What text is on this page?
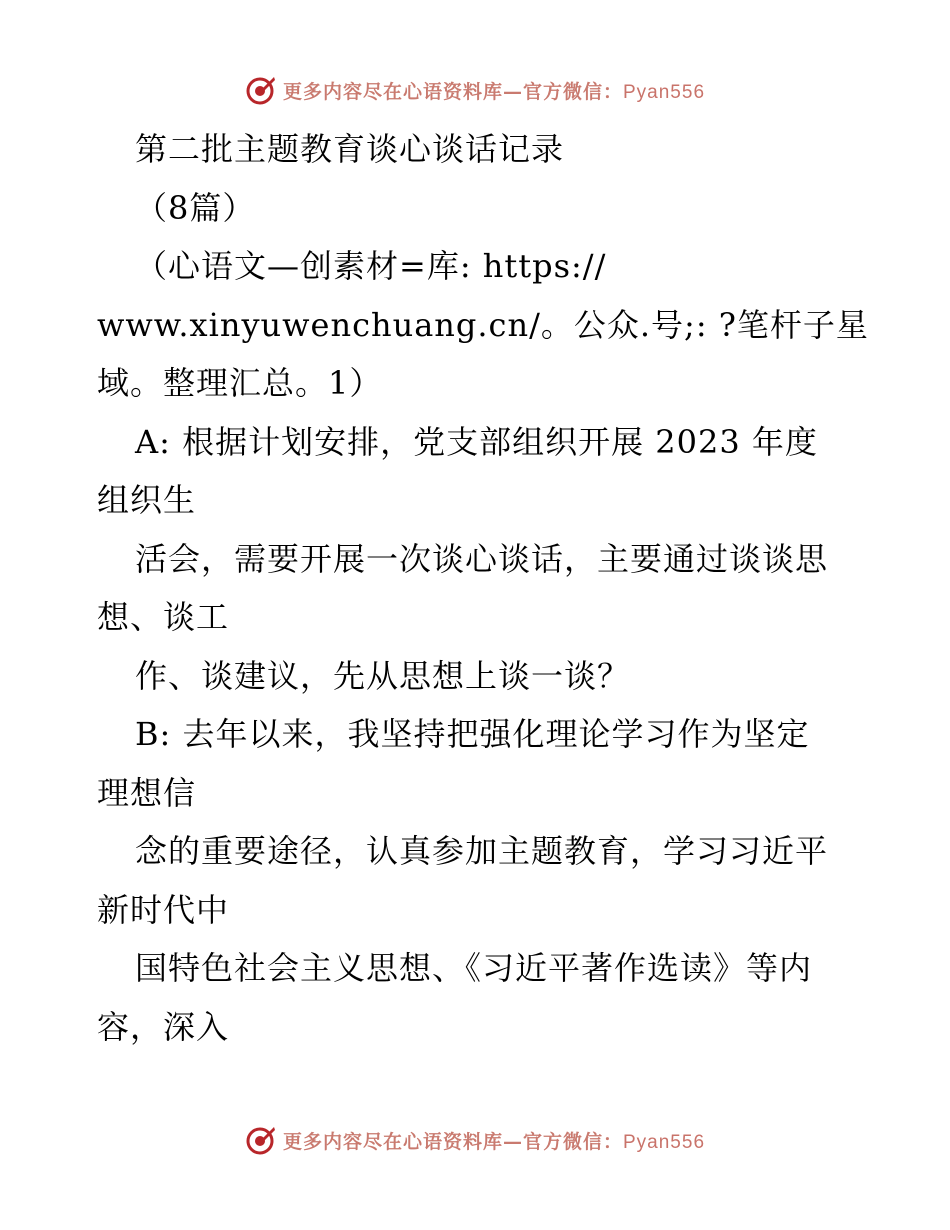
更多内容尽在心语资料库—官方微信：Pyan556
第二批主题教育谈心谈话记录
（8篇）
（心语文—创素材=库: https://
www.xinyuwenchuang.cn/。公众.号;: ?笔杆子星
域。整理汇总。1）
A: 根据计划安排，党支部组织开展 2023 年度
组织生
活会，需要开展一次谈心谈话，主要通过谈谈思
想、谈工
作、谈建议，先从思想上谈一谈？
B: 去年以来，我坚持把强化理论学习作为坚定
理想信
念的重要途径，认真参加主题教育，学习习近平
新时代中
国特色社会主义思想、《习近平著作选读》等内
容，深入
更多内容尽在心语资料库—官方微信：Pyan556
